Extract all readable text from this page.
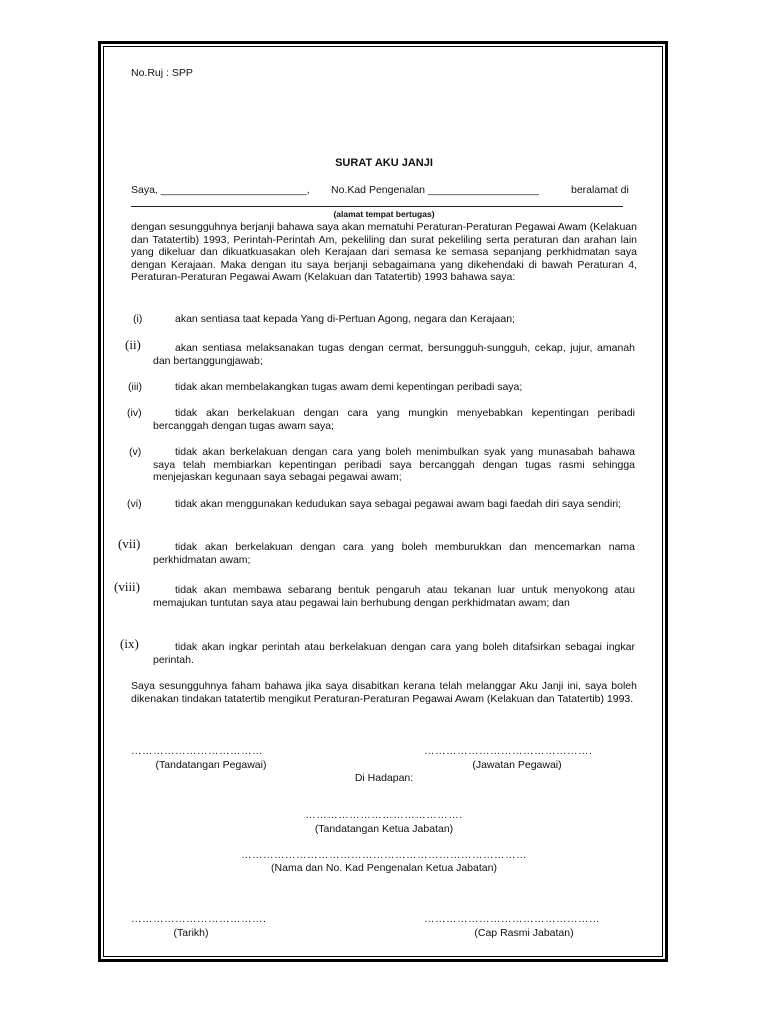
No.Ruj : SPP
SURAT AKU JANJI
Saya, _________________________, No.Kad Pengenalan ___________________	beralamat di
(alamat tempat bertugas)
dengan sesungguhnya berjanji bahawa saya akan mematuhi Peraturan-Peraturan Pegawai Awam (Kelakuan dan Tatatertib) 1993, Perintah-Perintah Am, pekeliling dan surat pekeliling serta peraturan dan arahan lain yang dikeluar dan dikuatkuasakan oleh Kerajaan dari semasa ke semasa sepanjang perkhidmatan saya dengan Kerajaan. Maka dengan itu saya berjanji sebagaimana yang dikehendaki di bawah Peraturan 4, Peraturan-Peraturan Pegawai Awam (Kelakuan dan Tatatertib) 1993 bahawa saya:
(i)	akan sentiasa taat kepada Yang di-Pertuan Agong, negara dan Kerajaan;
(ii)	akan sentiasa melaksanakan tugas dengan cermat, bersungguh-sungguh, cekap, jujur, amanah dan bertanggungjawab;
(iii)	tidak akan membelakangkan tugas awam demi kepentingan peribadi saya;
(iv)	tidak akan berkelakuan dengan cara yang mungkin menyebabkan kepentingan peribadi bercanggah dengan tugas awam saya;
(v)	tidak akan berkelakuan dengan cara yang boleh menimbulkan syak yang munasabah bahawa saya telah membiarkan kepentingan peribadi saya bercanggah dengan tugas rasmi sehingga menjejaskan kegunaan saya sebagai pegawai awam;
(vi)	tidak akan menggunakan kedudukan saya sebagai pegawai awam bagi faedah diri saya sendiri;
(vii)	tidak akan berkelakuan dengan cara yang boleh memburukkan dan mencemarkan nama perkhidmatan awam;
(viii)	tidak akan membawa sebarang bentuk pengaruh atau tekanan luar untuk menyokong atau memajukan tuntutan saya atau pegawai lain berhubung dengan perkhidmatan awam; dan
(ix)	tidak akan ingkar perintah atau berkelakuan dengan cara yang boleh ditafsirkan sebagai ingkar perintah.
Saya sesungguhnya faham bahawa jika saya disabitkan kerana telah melanggar Aku Janji ini, saya boleh dikenakan tindakan tatatertib mengikut Peraturan-Peraturan Pegawai Awam (Kelakuan dan Tatatertib) 1993.
………………………………
(Tandatangan Pegawai)
……………………………………….
(Jawatan Pegawai)
Di Hadapan:
…………………………………….
(Tandatangan Ketua Jabatan)
……………………………………………………………………
(Nama dan No. Kad Pengenalan Ketua Jabatan)
……………………………….
(Tarikh)
…………………………………………
(Cap Rasmi Jabatan)
